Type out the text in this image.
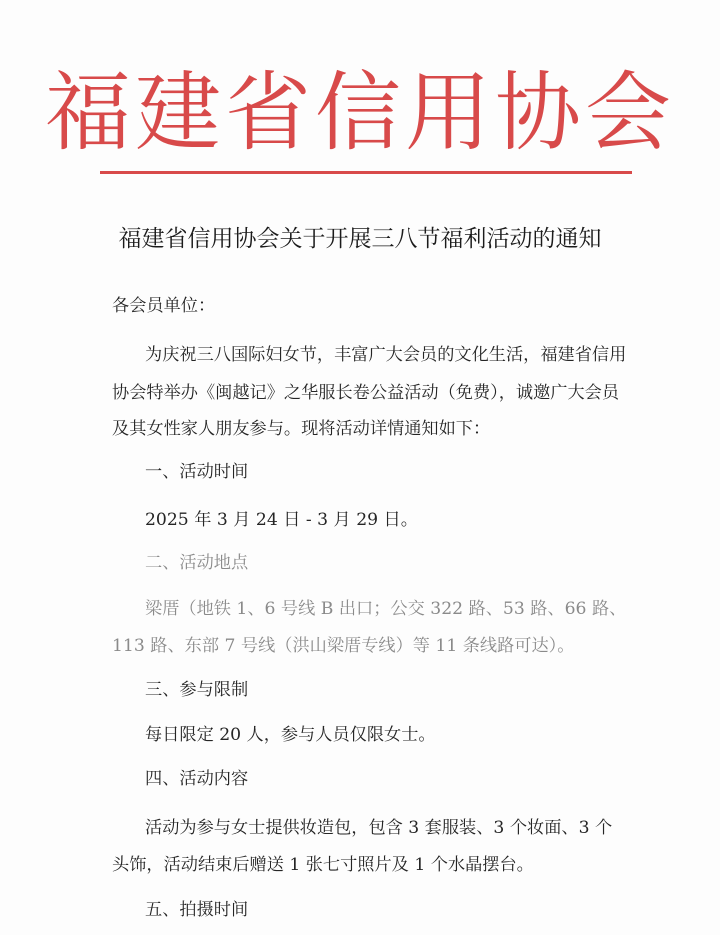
福建省信用协会
福建省信用协会关于开展三八节福利活动的通知
各会员单位：
为庆祝三八国际妇女节，丰富广大会员的文化生活，福建省信用
协会特举办《闽越记》之华服长卷公益活动（免费），诚邀广大会员
及其女性家人朋友参与。现将活动详情通知如下：
一、活动时间
2025 年 3 月 24 日 - 3 月 29 日。
二、活动地点
梁厝（地铁 1、6 号线 B 出口；公交 322 路、53 路、66 路、
113 路、东部 7 号线（洪山梁厝专线）等 11 条线路可达）。
三、参与限制
每日限定 20 人，参与人员仅限女士。
四、活动内容
活动为参与女士提供妆造包，包含 3 套服装、3 个妆面、3 个
头饰，活动结束后赠送 1 张七寸照片及 1 个水晶摆台。
五、拍摄时间
